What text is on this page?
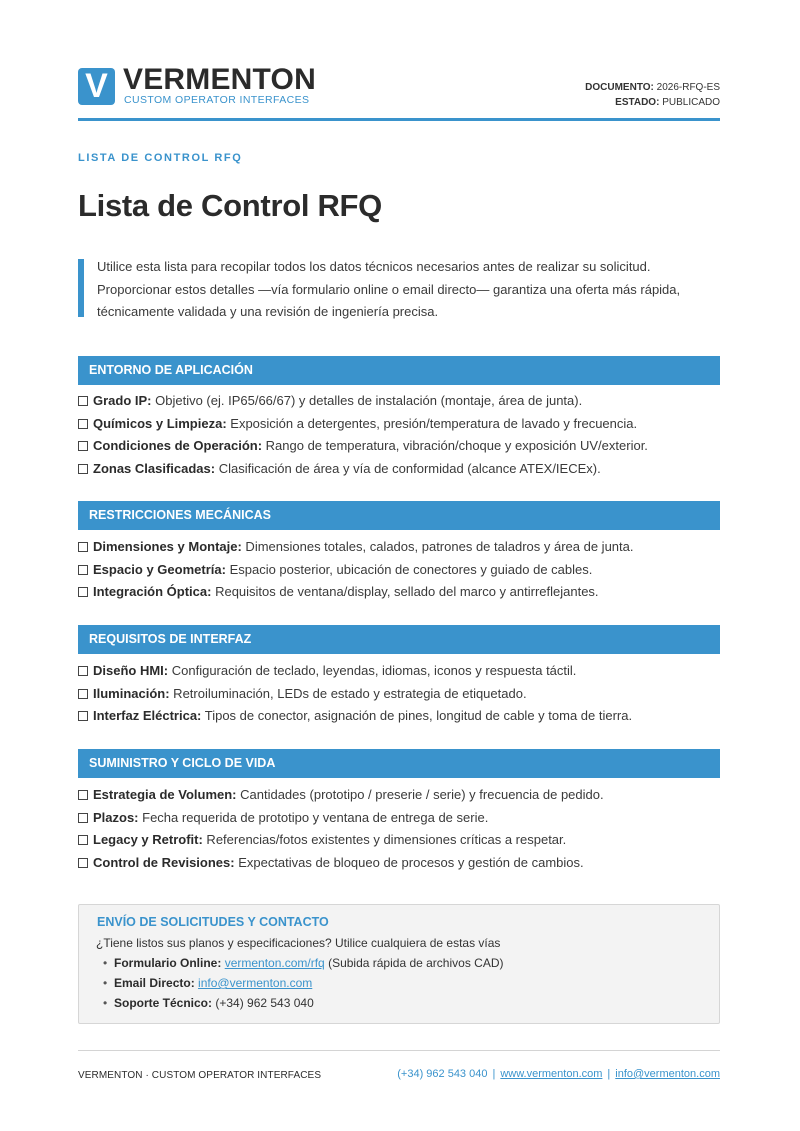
V VERMENTON
CUSTOM OPERATOR INTERFACES
DOCUMENTO: 2026-RFQ-ES
ESTADO: PUBLICADO
LISTA DE CONTROL RFQ
Lista de Control RFQ
Utilice esta lista para recopilar todos los datos técnicos necesarios antes de realizar su solicitud.
Proporcionar estos detalles —vía formulario online o email directo— garantiza una oferta más rápida,
técnicamente validada y una revisión de ingeniería precisa.
ENTORNO DE APLICACIÓN
Grado IP: Objetivo (ej. IP65/66/67) y detalles de instalación (montaje, área de junta).
Químicos y Limpieza: Exposición a detergentes, presión/temperatura de lavado y frecuencia.
Condiciones de Operación: Rango de temperatura, vibración/choque y exposición UV/exterior.
Zonas Clasificadas: Clasificación de área y vía de conformidad (alcance ATEX/IECEx).
RESTRICCIONES MECÁNICAS
Dimensiones y Montaje: Dimensiones totales, calados, patrones de taladros y área de junta.
Espacio y Geometría: Espacio posterior, ubicación de conectores y guiado de cables.
Integración Óptica: Requisitos de ventana/display, sellado del marco y antirreflejantes.
REQUISITOS DE INTERFAZ
Diseño HMI: Configuración de teclado, leyendas, idiomas, iconos y respuesta táctil.
Iluminación: Retroiluminación, LEDs de estado y estrategia de etiquetado.
Interfaz Eléctrica: Tipos de conector, asignación de pines, longitud de cable y toma de tierra.
SUMINISTRO Y CICLO DE VIDA
Estrategia de Volumen: Cantidades (prototipo / preserie / serie) y frecuencia de pedido.
Plazos: Fecha requerida de prototipo y ventana de entrega de serie.
Legacy y Retrofit: Referencias/fotos existentes y dimensiones críticas a respetar.
Control de Revisiones: Expectativas de bloqueo de procesos y gestión de cambios.
ENVÍO DE SOLICITUDES Y CONTACTO
¿Tiene listos sus planos y especificaciones? Utilice cualquiera de estas vías
• Formulario Online: vermenton.com/rfq (Subida rápida de archivos CAD)
• Email Directo: info@vermenton.com
• Soporte Técnico: (+34) 962 543 040
VERMENTON · CUSTOM OPERATOR INTERFACES	(+34) 962 543 040 | www.vermenton.com | info@vermenton.com
